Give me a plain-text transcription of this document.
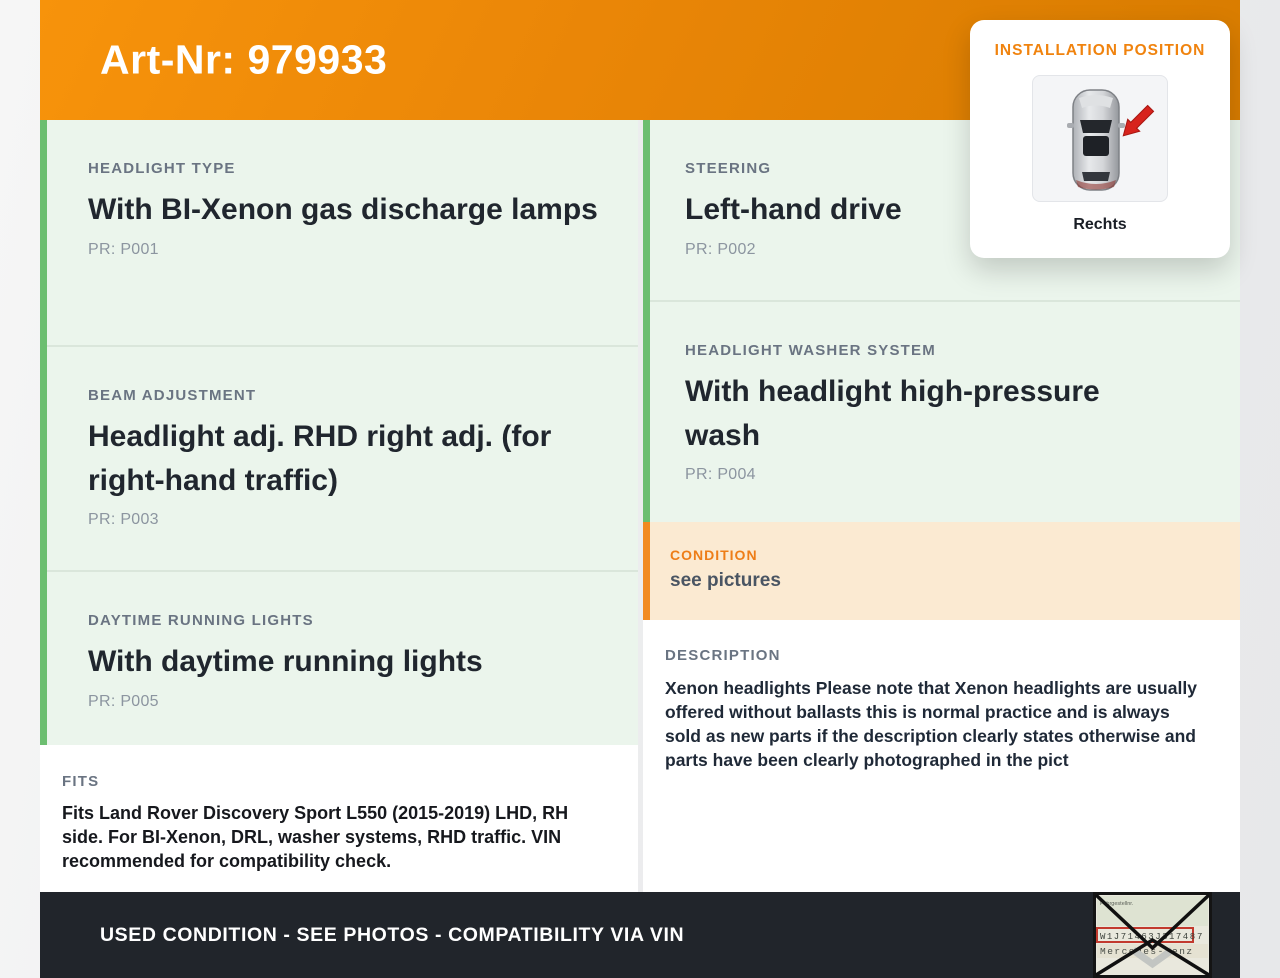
Art-Nr: 979933	INSTALLATION POSITION
Rechts
HEADLIGHT TYPE
With BI-Xenon gas discharge lamps
PR: P001
BEAM ADJUSTMENT
Headlight adj. RHD right adj. (for right-hand traffic)
PR: P003
DAYTIME RUNNING LIGHTS
With daytime running lights
PR: P005
FITS
Fits Land Rover Discovery Sport L550 (2015-2019) LHD, RH side. For BI-Xenon, DRL, washer systems, RHD traffic. VIN recommended for compatibility check.
STEERING
Left-hand drive
PR: P002
HEADLIGHT WASHER SYSTEM
With headlight high-pressure wash
PR: P004
CONDITION
see pictures
DESCRIPTION
Xenon headlights Please note that Xenon headlights are usually offered without ballasts this is normal practice and is always sold as new parts if the description clearly states otherwise and parts have been clearly photographed in the pict
USED CONDITION - SEE PHOTOS - COMPATIBILITY VIA VIN
Fahrgestellnr.
W1J71463J31748 7
Mercedes-Benz
